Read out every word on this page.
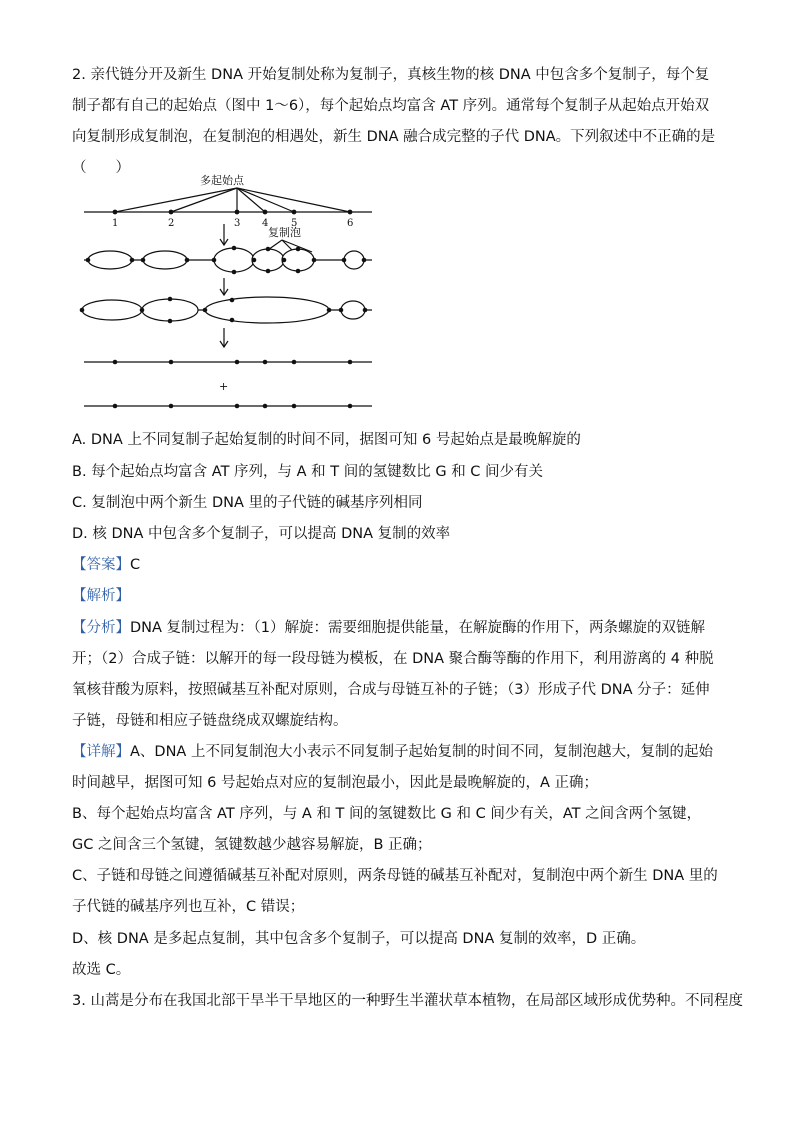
2. 亲代链分开及新生 DNA 开始复制处称为复制子，真核生物的核 DNA 中包含多个复制子，每个复制子都有自己的起始点（图中 1～6），每个起始点均富含 AT 序列。通常每个复制子从起始点开始双向复制形成复制泡，在复制泡的相遇处，新生 DNA 融合成完整的子代 DNA。下列叙述中不正确的是（　　）

多起始点
1	2	3 4 5	6
复制泡
+
A. DNA 上不同复制子起始复制的时间不同，据图可知 6 号起始点是最晚解旋的
B. 每个起始点均富含 AT 序列，与 A 和 T 间的氢键数比 G 和 C 间少有关
C. 复制泡中两个新生 DNA 里的子代链的碱基序列相同
D. 核 DNA 中包含多个复制子，可以提高 DNA 复制的效率
【答案】C
【解析】

【分析】DNA 复制过程为：（1）解旋：需要细胞提供能量，在解旋酶的作用下，两条螺旋的双链解开；（2）合成子链：以解开的每一段母链为模板，在 DNA 聚合酶等酶的作用下，利用游离的 4 种脱氧核苷酸为原料，按照碱基互补配对原则，合成与母链互补的子链；（3）形成子代 DNA 分子：延伸子链，母链和相应子链盘绕成双螺旋结构。

【详解】A、DNA 上不同复制泡大小表示不同复制子起始复制的时间不同，复制泡越大，复制的起始时间越早，据图可知 6 号起始点对应的复制泡最小，因此是最晚解旋的，A 正确；

B、每个起始点均富含 AT 序列，与 A 和 T 间的氢键数比 G 和 C 间少有关，AT 之间含两个氢键，GC 之间含三个氢键，氢键数越少越容易解旋，B 正确；

C、子链和母链之间遵循碱基互补配对原则，两条母链的碱基互补配对，复制泡中两个新生 DNA 里的子代链的碱基序列也互补，C 错误；

D、核 DNA 是多起点复制，其中包含多个复制子，可以提高 DNA 复制的效率，D 正确。
故选 C。
3. 山蒿是分布在我国北部干旱半干旱地区的一种野生半灌状草本植物，在局部区域形成优势种。不同程度
